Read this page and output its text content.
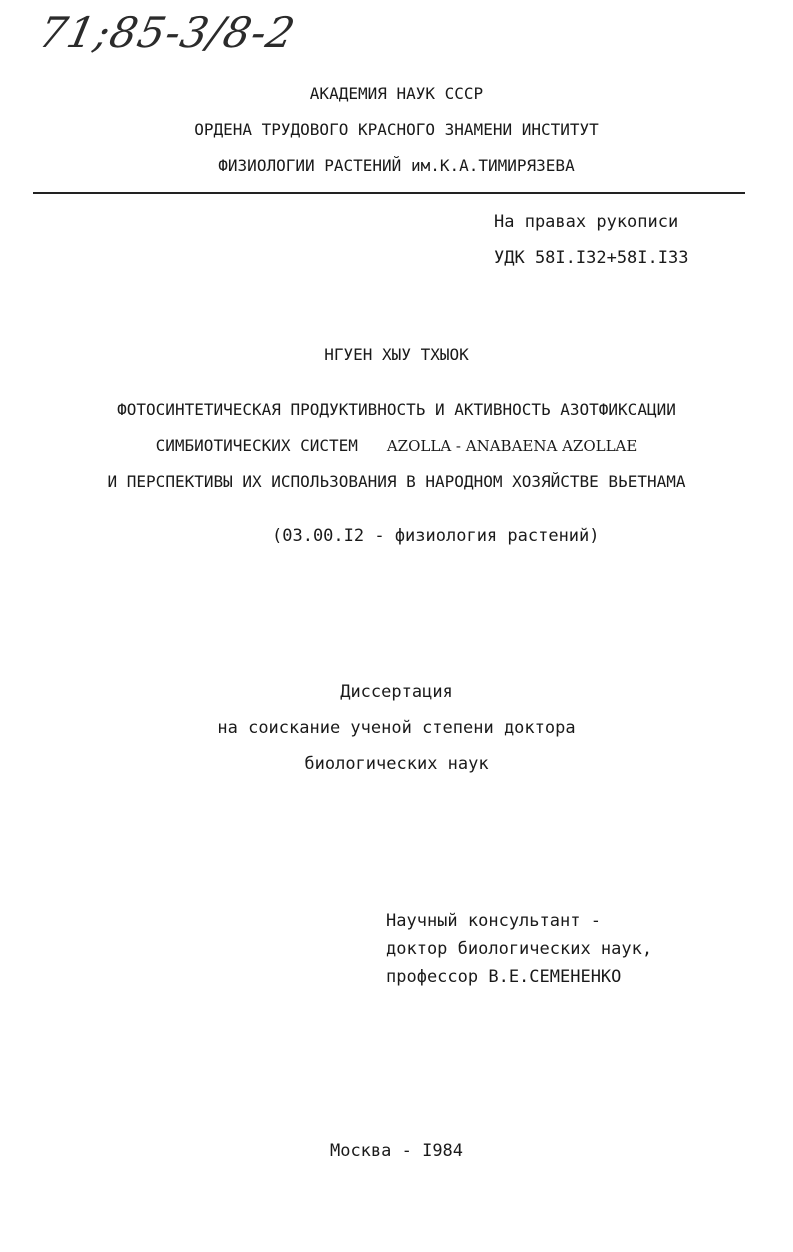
71;85-3/8-2
АКАДЕМИЯ НАУК СССР
ОРДЕНА ТРУДОВОГО КРАСНОГО ЗНАМЕНИ ИНСТИТУТ
ФИЗИОЛОГИИ РАСТЕНИЙ им.К.А.ТИМИРЯЗЕВА
На правах рукописи
УДК 58I.I32+58I.I33
НГУЕН ХЫУ ТХЫОК
ФОТОСИНТЕТИЧЕСКАЯ ПРОДУКТИВНОСТЬ И АКТИВНОСТЬ АЗОТФИКСАЦИИ
СИМБИОТИЧЕСКИХ СИСТЕМ AZOLLA - ANABAENA AZOLLAE
И ПЕРСПЕКТИВЫ ИХ ИСПОЛЬЗОВАНИЯ В НАРОДНОМ ХОЗЯЙСТВЕ ВЬЕТНАМА
(03.00.I2 - физиология растений)
Диссертация
на соискание ученой степени доктора
биологических наук
Научный консультант -
доктор биологических наук,
профессор В.Е.СЕМЕНЕНКО
Москва - I984
